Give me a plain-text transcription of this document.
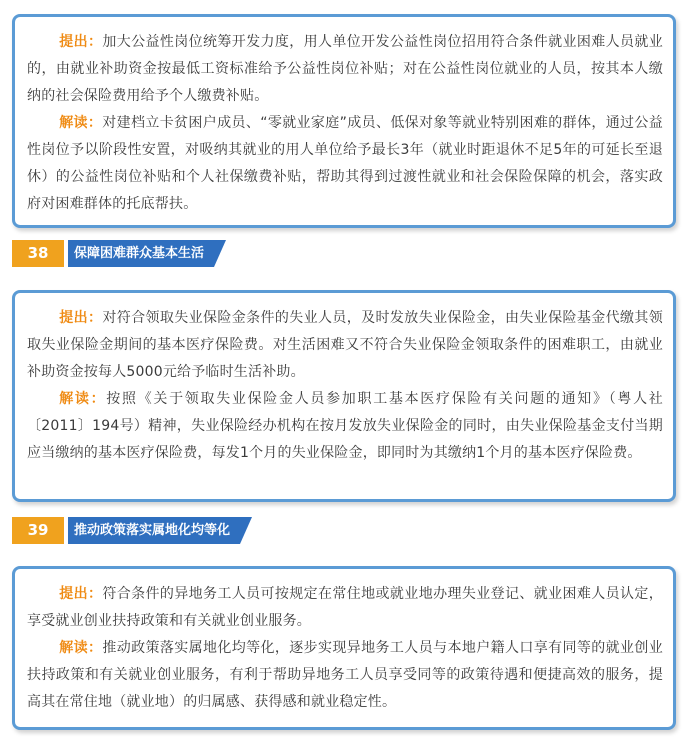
提出：加大公益性岗位统筹开发力度，用人单位开发公益性岗位招用符合条件就业困难人员就业的，由就业补助资金按最低工资标准给予公益性岗位补贴；对在公益性岗位就业的人员，按其本人缴纳的社会保险费用给予个人缴费补贴。

解读：对建档立卡贫困户成员、“零就业家庭”成员、低保对象等就业特别困难的群体，通过公益性岗位予以阶段性安置，对吸纳其就业的用人单位给予最长3年（就业时距退休不足5年的可延长至退休）的公益性岗位补贴和个人社保缴费补贴，帮助其得到过渡性就业和社会保险保障的机会，落实政府对困难群体的托底帮扶。

38	保障困难群众基本生活

提出：对符合领取失业保险金条件的失业人员，及时发放失业保险金，由失业保险基金代缴其领取失业保险金期间的基本医疗保险费。对生活困难又不符合失业保险金领取条件的困难职工，由就业补助资金按每人5000元给予临时生活补助。

解读：按照《关于领取失业保险金人员参加职工基本医疗保险有关问题的通知》（粤人社〔2011〕194号）精神，失业保险经办机构在按月发放失业保险金的同时，由失业保险基金支付当期应当缴纳的基本医疗保险费，每发1个月的失业保险金，即同时为其缴纳1个月的基本医疗保险费。

39	推动政策落实属地化均等化

提出：符合条件的异地务工人员可按规定在常住地或就业地办理失业登记、就业困难人员认定，享受就业创业扶持政策和有关就业创业服务。

解读：推动政策落实属地化均等化，逐步实现异地务工人员与本地户籍人口享有同等的就业创业扶持政策和有关就业创业服务，有利于帮助异地务工人员享受同等的政策待遇和便捷高效的服务，提高其在常住地（就业地）的归属感、获得感和就业稳定性。
